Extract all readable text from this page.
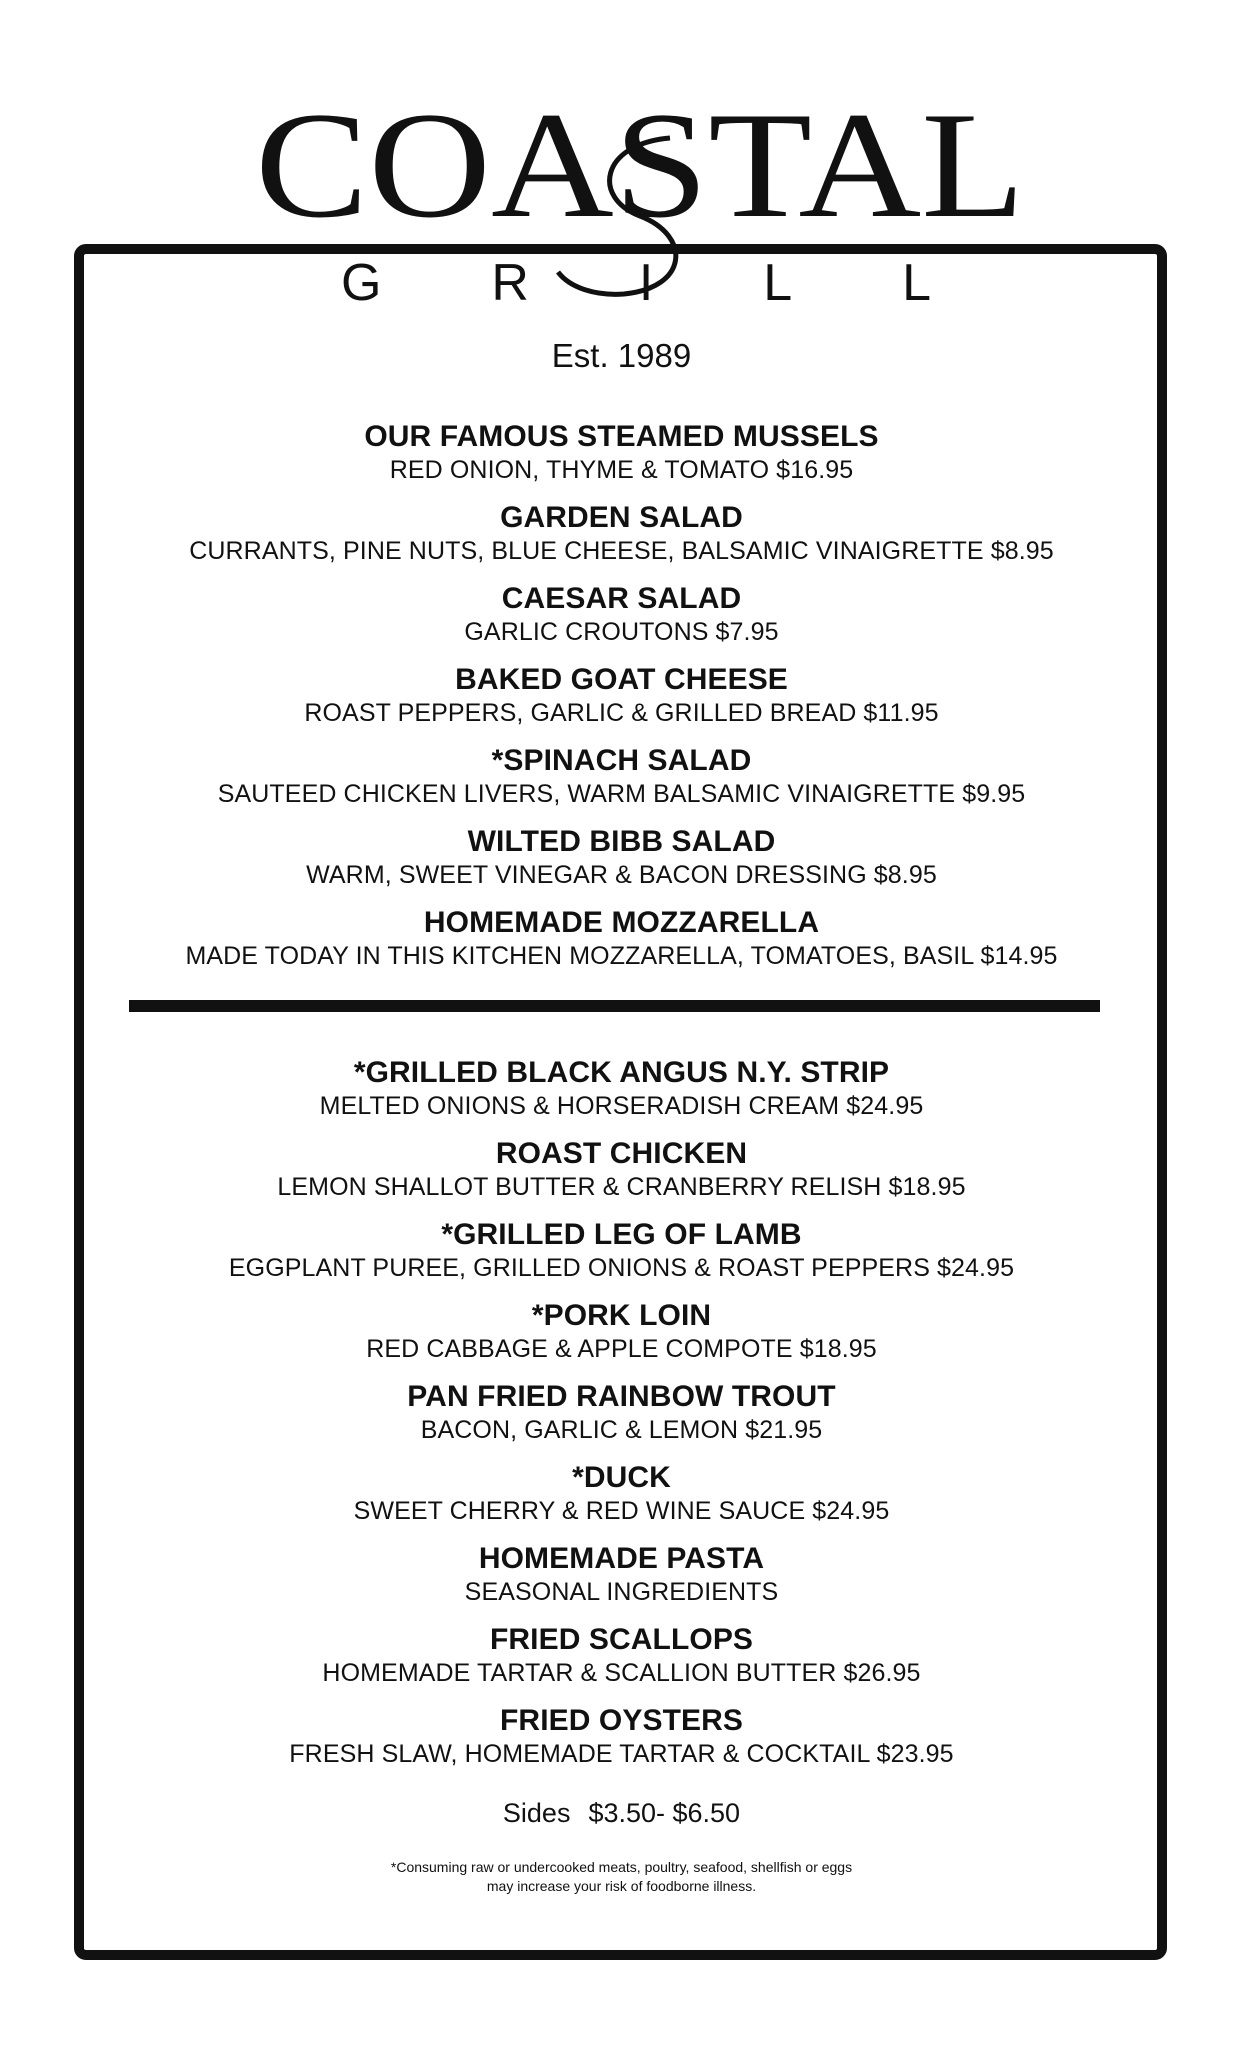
COASTAL
GRILL
Est. 1989
OUR FAMOUS STEAMED MUSSELS
RED ONION, THYME & TOMATO $16.95
GARDEN SALAD
CURRANTS, PINE NUTS, BLUE CHEESE, BALSAMIC VINAIGRETTE $8.95
CAESAR SALAD
GARLIC CROUTONS $7.95
BAKED GOAT CHEESE
ROAST PEPPERS, GARLIC & GRILLED BREAD $11.95
*SPINACH SALAD
SAUTEED CHICKEN LIVERS, WARM BALSAMIC VINAIGRETTE $9.95
WILTED BIBB SALAD
WARM, SWEET VINEGAR & BACON DRESSING $8.95
HOMEMADE MOZZARELLA
MADE TODAY IN THIS KITCHEN MOZZARELLA, TOMATOES, BASIL $14.95
*GRILLED BLACK ANGUS N.Y. STRIP
MELTED ONIONS & HORSERADISH CREAM $24.95
ROAST CHICKEN
LEMON SHALLOT BUTTER & CRANBERRY RELISH $18.95
*GRILLED LEG OF LAMB
EGGPLANT PUREE, GRILLED ONIONS & ROAST PEPPERS $24.95
*PORK LOIN
RED CABBAGE & APPLE COMPOTE $18.95
PAN FRIED RAINBOW TROUT
BACON, GARLIC & LEMON $21.95
*DUCK
SWEET CHERRY & RED WINE SAUCE $24.95
HOMEMADE PASTA
SEASONAL INGREDIENTS
FRIED SCALLOPS
HOMEMADE TARTAR & SCALLION BUTTER $26.95
FRIED OYSTERS
FRESH SLAW, HOMEMADE TARTAR & COCKTAIL $23.95
Sides $3.50- $6.50
*Consuming raw or undercooked meats, poultry, seafood, shellfish or eggs
may increase your risk of foodborne illness.
